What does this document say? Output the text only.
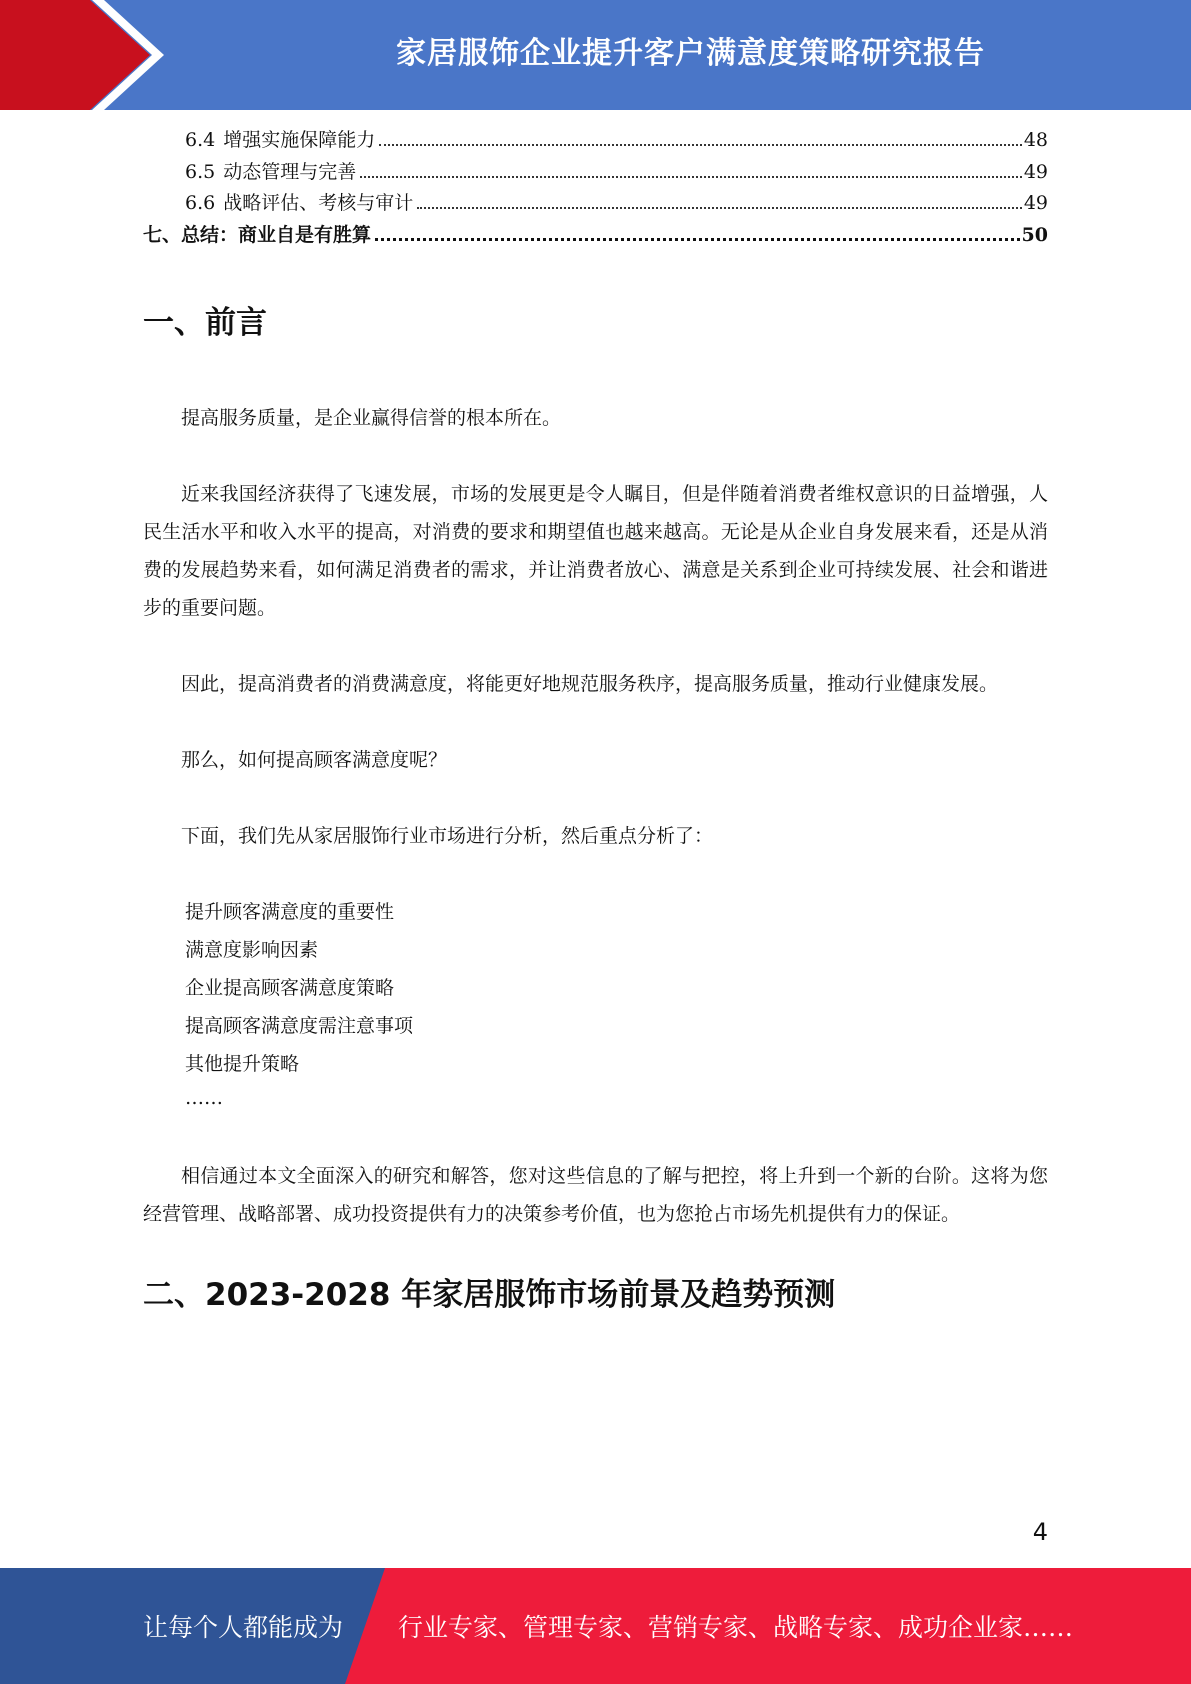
家居服饰企业提升客户满意度策略研究报告
6.4 增强实施保障能力	48
6.5 动态管理与完善	49
6.6 战略评估、考核与审计	49
七、总结：商业自是有胜算	50
一、前言

提高服务质量，是企业赢得信誉的根本所在。

近来我国经济获得了飞速发展，市场的发展更是令人瞩目，但是伴随着消费者维权意识的日益增强，人民生活水平和收入水平的提高，对消费的要求和期望值也越来越高。无论是从企业自身发展来看，还是从消费的发展趋势来看，如何满足消费者的需求，并让消费者放心、满意是关系到企业可持续发展、社会和谐进步的重要问题。

因此，提高消费者的消费满意度，将能更好地规范服务秩序，提高服务质量，推动行业健康发展。

那么，如何提高顾客满意度呢？

下面，我们先从家居服饰行业市场进行分析，然后重点分析了：

提升顾客满意度的重要性
满意度影响因素
企业提高顾客满意度策略
提高顾客满意度需注意事项
其他提升策略
……

相信通过本文全面深入的研究和解答，您对这些信息的了解与把控，将上升到一个新的台阶。这将为您经营管理、战略部署、成功投资提供有力的决策参考价值，也为您抢占市场先机提供有力的保证。

二、2023-2028 年家居服饰市场前景及趋势预测
4
让每个人都能成为 行业专家、管理专家、营销专家、战略专家、成功企业家……
